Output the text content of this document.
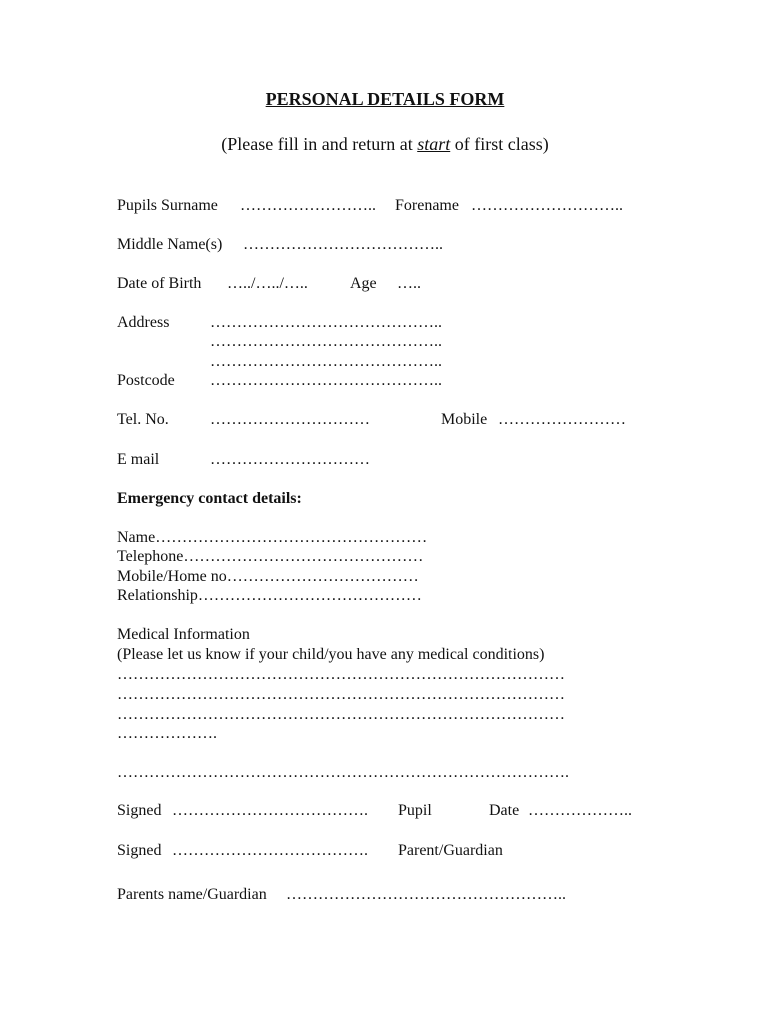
PERSONAL DETAILS FORM
(Please fill in and return at start of first class)
Pupils Surname …………………….. Forename ………………………..
Middle Name(s) ………………………………..
Date of Birth …../…../…..	Age …..
Address	……………………………………..
……………………………………..
……………………………………..
Postcode ……………………………………..
Tel. No.	…………………………	Mobile ……………………
E mail	…………………………
Emergency contact details:
Name……………………………………………
Telephone………………………………………
Mobile/Home no………………………………
Relationship……………………………………
Medical Information
(Please let us know if your child/you have any medical conditions)
…………………………………………………………………………
…………………………………………………………………………
…………………………………………………………………………
……………….
………………………………………………………………………….
Signed ………………………………. Pupil	Date ………………..
Signed ………………………………. Parent/Guardian
Parents name/Guardian ……………………………………………..
